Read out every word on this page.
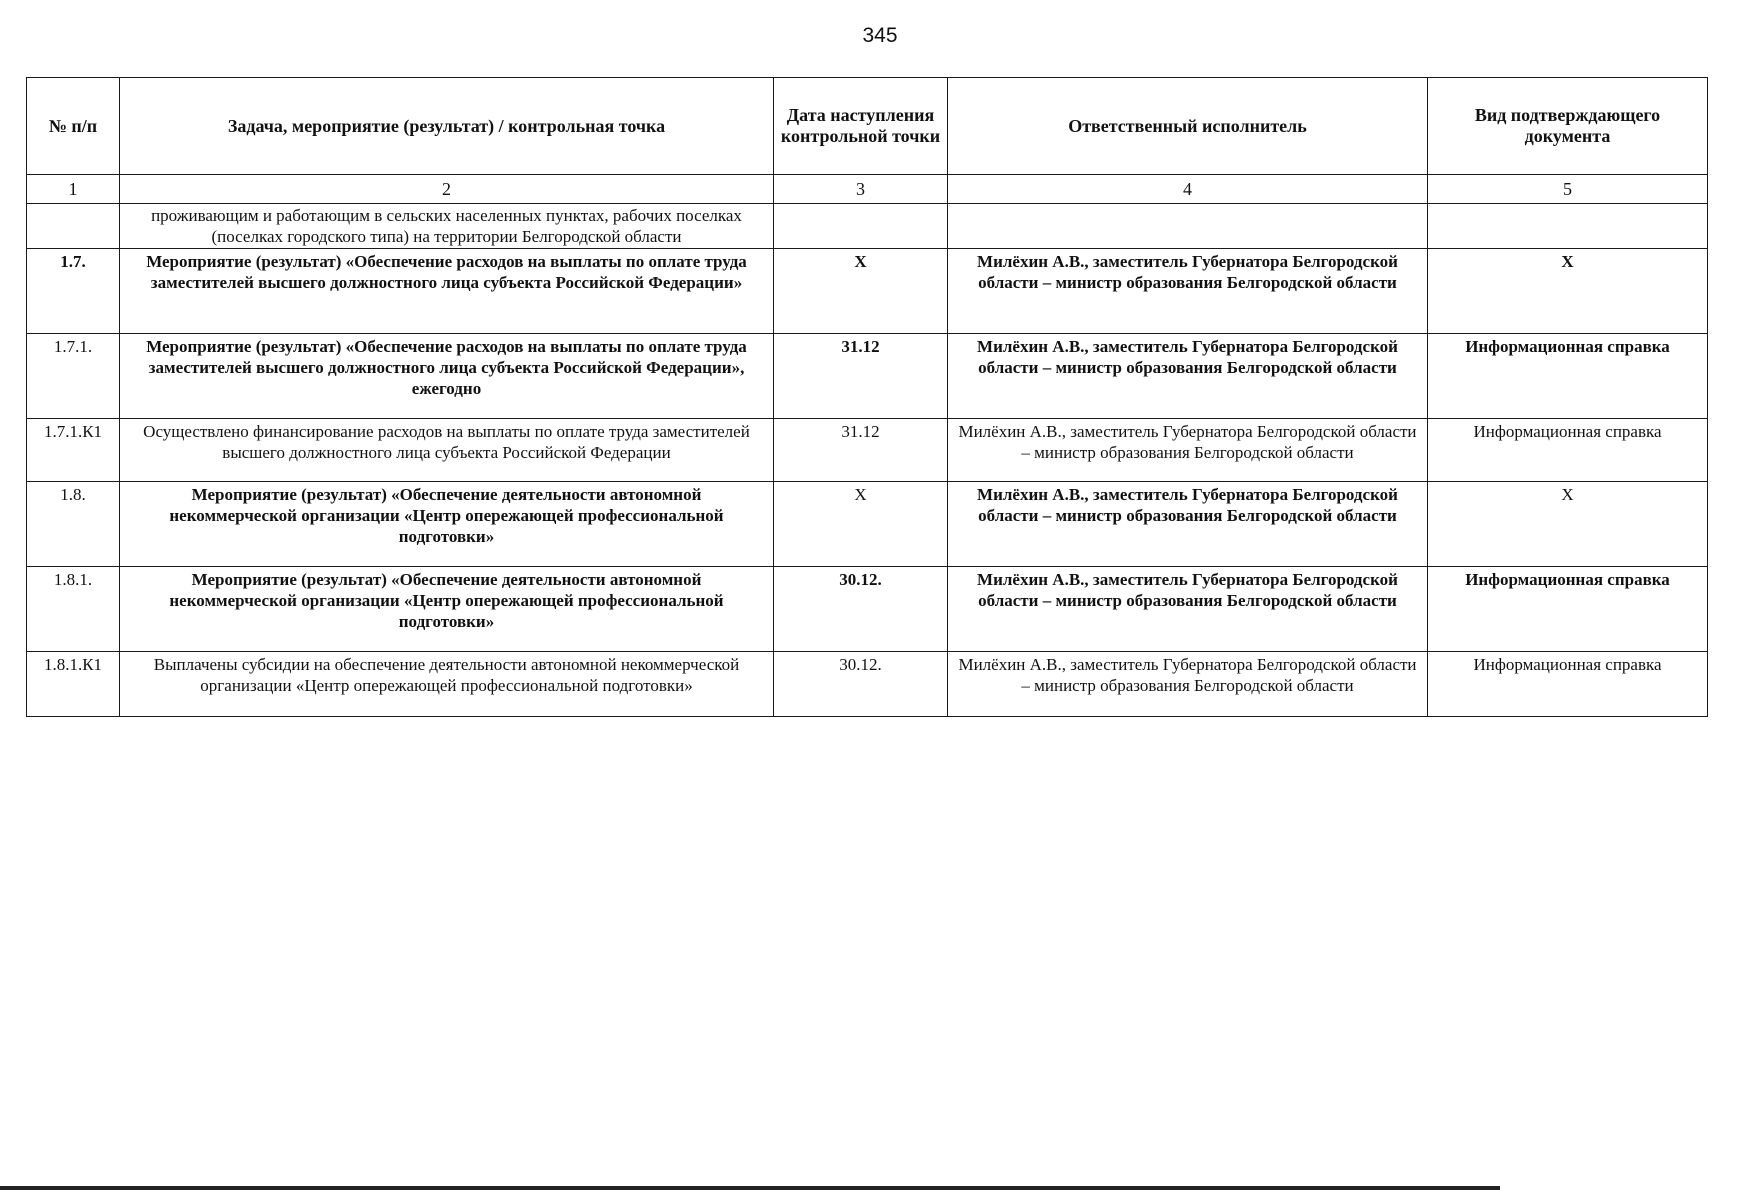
345
№ п/п	Задача, мероприятие (результат) / контрольная точка	Дата наступления контрольной точки	Ответственный исполнитель	Вид подтверждающего документа
1	2	3	4	5
	проживающим и работающим в сельских населенных пунктах, рабочих поселках (поселках городского типа) на территории Белгородской области			
1.7.	Мероприятие (результат) «Обеспечение расходов на выплаты по оплате труда заместителей высшего должностного лица субъекта Российской Федерации»	X	Милёхин А.В., заместитель Губернатора Белгородской области – министр образования Белгородской области	X
1.7.1.	Мероприятие (результат) «Обеспечение расходов на выплаты по оплате труда заместителей высшего должностного лица субъекта Российской Федерации», ежегодно	31.12	Милёхин А.В., заместитель Губернатора Белгородской области – министр образования Белгородской области	Информационная справка
1.7.1.К1	Осуществлено финансирование расходов на выплаты по оплате труда заместителей высшего должностного лица субъекта Российской Федерации	31.12	Милёхин А.В., заместитель Губернатора Белгородской области – министр образования Белгородской области	Информационная справка
1.8.	Мероприятие (результат) «Обеспечение деятельности автономной некоммерческой организации «Центр опережающей профессиональной подготовки»	X	Милёхин А.В., заместитель Губернатора Белгородской области – министр образования Белгородской области	X
1.8.1.	Мероприятие (результат) «Обеспечение деятельности автономной некоммерческой организации «Центр опережающей профессиональной подготовки»	30.12.	Милёхин А.В., заместитель Губернатора Белгородской области – министр образования Белгородской области	Информационная справка
1.8.1.К1	Выплачены субсидии на обеспечение деятельности автономной некоммерческой организации «Центр опережающей профессиональной подготовки»	30.12.	Милёхин А.В., заместитель Губернатора Белгородской области – министр образования Белгородской области	Информационная справка
